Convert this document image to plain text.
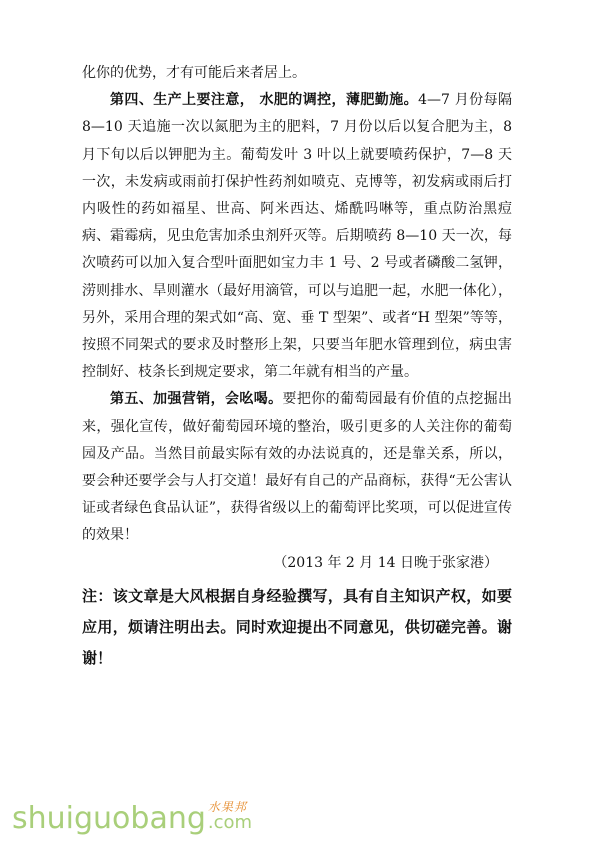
化你的优势，才有可能后来者居上。

第四、生产上要注意， 水肥的调控，薄肥勤施。4—7 月份每隔 8—10 天追施一次以氮肥为主的肥料，7 月份以后以复合肥为主，8 月下旬以后以钾肥为主。葡萄发叶 3 叶以上就要喷药保护，7—8 天一次，未发病或雨前打保护性药剂如喷克、克博等，初发病或雨后打内吸性的药如福星、世高、阿米西达、烯酰吗啉等，重点防治黑痘病、霜霉病，见虫危害加杀虫剂歼灭等。后期喷药 8—10 天一次，每次喷药可以加入复合型叶面肥如宝力丰 1 号、2 号或者磷酸二氢钾，涝则排水、旱则灌水（最好用滴管，可以与追肥一起，水肥一体化），另外，采用合理的架式如“高、宽、垂 T 型架”、或者“H 型架”等等，按照不同架式的要求及时整形上架，只要当年肥水管理到位，病虫害控制好、枝条长到规定要求，第二年就有相当的产量。

第五、加强营销，会吆喝。要把你的葡萄园最有价值的点挖掘出来，强化宣传，做好葡萄园环境的整治，吸引更多的人关注你的葡萄园及产品。当然目前最实际有效的办法说真的，还是靠关系，所以，要会种还要学会与人打交道！最好有自己的产品商标，获得“无公害认证或者绿色食品认证”，获得省级以上的葡萄评比奖项，可以促进宣传的效果！

（2013 年 2 月 14 日晚于张家港）

注：该文章是大风根据自身经验撰写，具有自主知识产权，如要应用，烦请注明出去。同时欢迎提出不同意见，供切磋完善。谢谢！

shuiguobang 水果邦
.com
